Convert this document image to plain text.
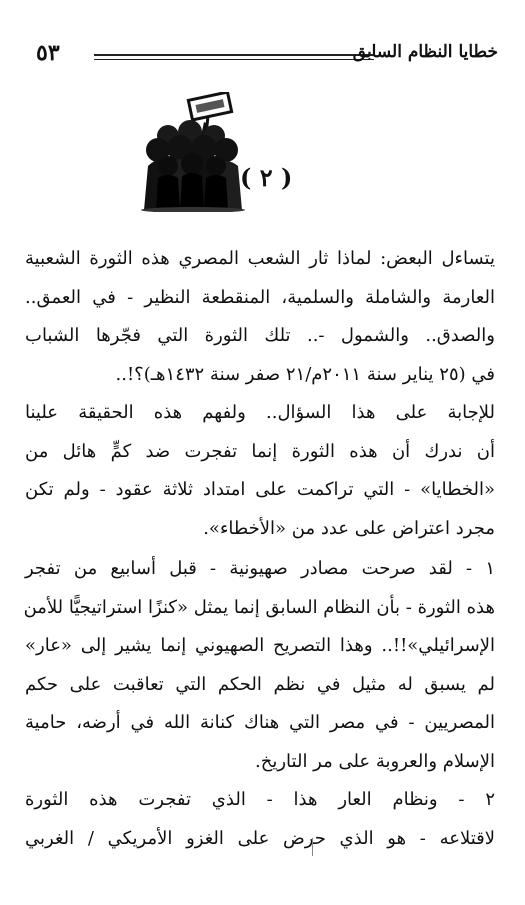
٥٣	خطايا النظام السابق
( ٢ )
يتساءل البعض: لماذا ثار الشعب المصري هذه الثورة الشعبية
العارمة والشاملة والسلمية، المنقطعة النظير - في العمق..
والصدق.. والشمول -.. تلك الثورة التي فجّرها الشباب
في (٢٥ يناير سنة ٢٠١١م/٢١ صفر سنة ١٤٣٢هـ)؟!..
للإجابة على هذا السؤال.. ولفهم هذه الحقيقة علينا
أن ندرك أن هذه الثورة إنما تفجرت ضد كمٍّ هائل من
«الخطايا» - التي تراكمت على امتداد ثلاثة عقود - ولم تكن
مجرد اعتراض على عدد من «الأخطاء».
١ - لقد صرحت مصادر صهيونية - قبل أسابيع من تفجر
هذه الثورة - بأن النظام السابق إنما يمثل «كنزًا استراتيجيًّا للأمن
الإسرائيلي»!!.. وهذا التصريح الصهيوني إنما يشير إلى «عار»
لم يسبق له مثيل في نظم الحكم التي تعاقبت على حكم
المصريين - في مصر التي هناك كنانة الله في أرضه، حامية
الإسلام والعروبة على مر التاريخ.
٢ - ونظام العار هذا - الذي تفجرت هذه الثورة
لاقتلاعه - هو الذي حرض على الغزو الأمريكي / الغربي
